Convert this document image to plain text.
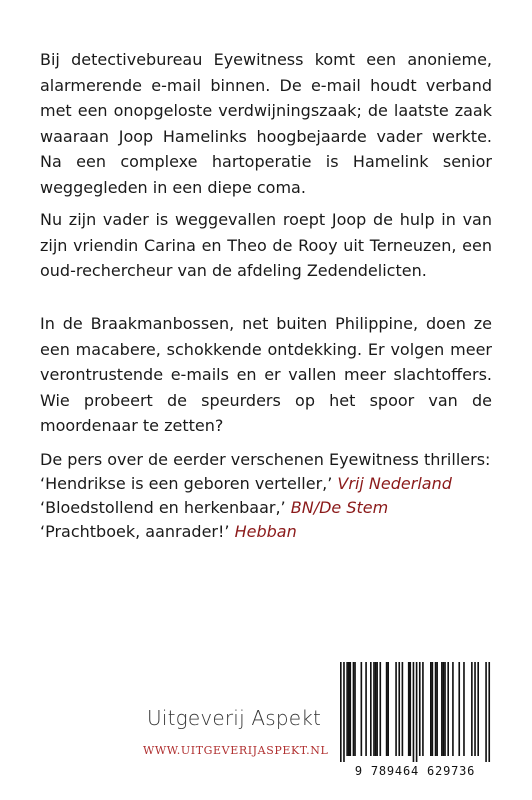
Bij detectivebureau Eyewitness komt een anonieme, alarmerende e-mail binnen. De e-mail houdt verband met een onopgeloste verdwijningszaak; de laatste zaak waaraan Joop Hamelinks hoogbejaarde vader werkte. Na een complexe hartoperatie is Hamelink senior weggegleden in een diepe coma.

Nu zijn vader is weggevallen roept Joop de hulp in van zijn vriendin Carina en Theo de Rooy uit Terneuzen, een oud-rechercheur van de afdeling Zedendelicten.

In de Braakmanbossen, net buiten Philippine, doen ze een macabere, schokkende ontdekking. Er volgen meer verontrustende e-mails en er vallen meer slachtoffers. Wie probeert de speurders op het spoor van de moordenaar te zetten?

De pers over de eerder verschenen Eyewitness thrillers:
‘Hendrikse is een geboren verteller,’ Vrij Nederland
‘Bloedstollend en herkenbaar,’ BN/De Stem
‘Prachtboek, aanrader!’ Hebban

Uitgeverij Aspekt

WWW.UITGEVERIJASPEKT.NL

9 789464 629736
